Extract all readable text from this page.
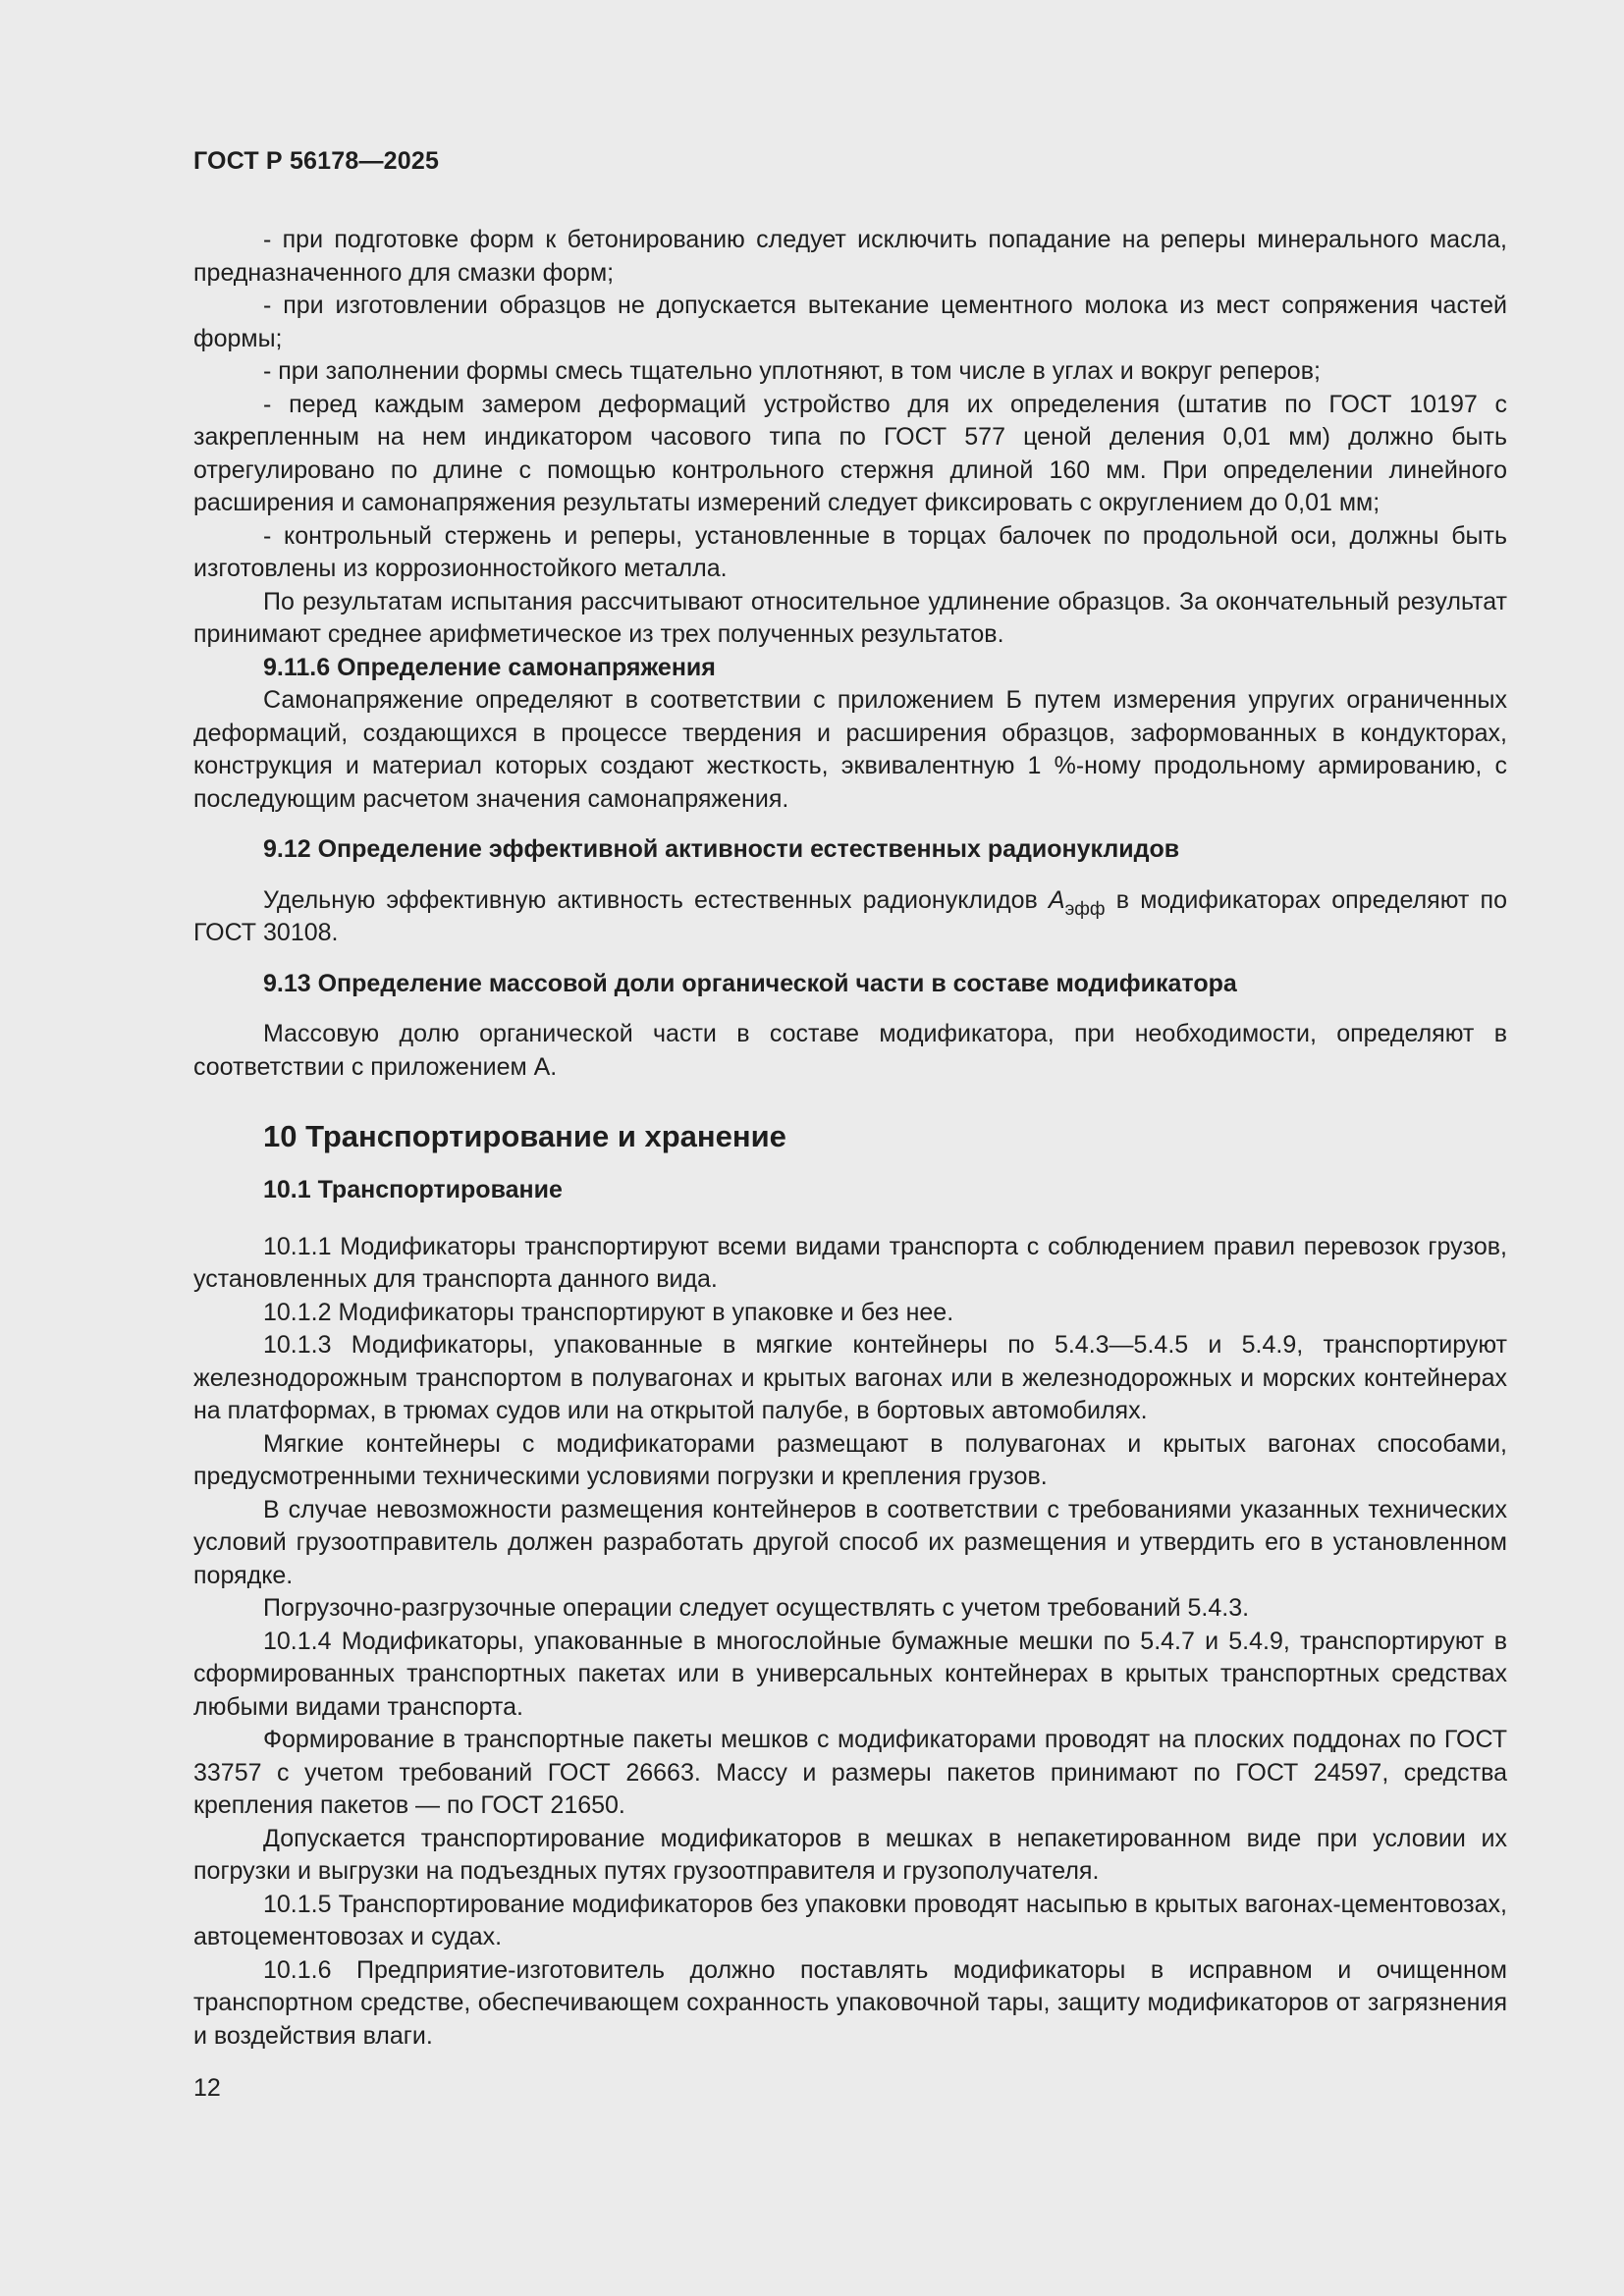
ГОСТ Р 56178—2025

- при подготовке форм к бетонированию следует исключить попадание на реперы минерального масла, предназначенного для смазки форм;

- при изготовлении образцов не допускается вытекание цементного молока из мест сопряжения частей формы;

- при заполнении формы смесь тщательно уплотняют, в том числе в углах и вокруг реперов;

- перед каждым замером деформаций устройство для их определения (штатив по ГОСТ 10197 с закрепленным на нем индикатором часового типа по ГОСТ 577 ценой деления 0,01 мм) должно быть отрегулировано по длине с помощью контрольного стержня длиной 160 мм. При определении линейного расширения и самонапряжения результаты измерений следует фиксировать с округлением до 0,01 мм;

- контрольный стержень и реперы, установленные в торцах балочек по продольной оси, должны быть изготовлены из коррозионностойкого металла.

По результатам испытания рассчитывают относительное удлинение образцов. За окончательный результат принимают среднее арифметическое из трех полученных результатов.

9.11.6 Определение самонапряжения

Самонапряжение определяют в соответствии с приложением Б путем измерения упругих ограниченных деформаций, создающихся в процессе твердения и расширения образцов, заформованных в кондукторах, конструкция и материал которых создают жесткость, эквивалентную 1 %-ному продольному армированию, с последующим расчетом значения самонапряжения.

9.12 Определение эффективной активности естественных радионуклидов

Удельную эффективную активность естественных радионуклидов $A_{эфф}$ в модификаторах определяют по ГОСТ 30108.

9.13 Определение массовой доли органической части в составе модификатора

Массовую долю органической части в составе модификатора, при необходимости, определяют в соответствии с приложением А.

10 Транспортирование и хранение
10.1 Транспортирование

10.1.1 Модификаторы транспортируют всеми видами транспорта с соблюдением правил перевозок грузов, установленных для транспорта данного вида.

10.1.2 Модификаторы транспортируют в упаковке и без нее.

10.1.3 Модификаторы, упакованные в мягкие контейнеры по 5.4.3—5.4.5 и 5.4.9, транспортируют железнодорожным транспортом в полувагонах и крытых вагонах или в железнодорожных и морских контейнерах на платформах, в трюмах судов или на открытой палубе, в бортовых автомобилях.

Мягкие контейнеры с модификаторами размещают в полувагонах и крытых вагонах способами, предусмотренными техническими условиями погрузки и крепления грузов.

В случае невозможности размещения контейнеров в соответствии с требованиями указанных технических условий грузоотправитель должен разработать другой способ их размещения и утвердить его в установленном порядке.

Погрузочно-разгрузочные операции следует осуществлять с учетом требований 5.4.3.

10.1.4 Модификаторы, упакованные в многослойные бумажные мешки по 5.4.7 и 5.4.9, транспортируют в сформированных транспортных пакетах или в универсальных контейнерах в крытых транспортных средствах любыми видами транспорта.

Формирование в транспортные пакеты мешков с модификаторами проводят на плоских поддонах по ГОСТ 33757 с учетом требований ГОСТ 26663. Массу и размеры пакетов принимают по ГОСТ 24597, средства крепления пакетов — по ГОСТ 21650.

Допускается транспортирование модификаторов в мешках в непакетированном виде при условии их погрузки и выгрузки на подъездных путях грузоотправителя и грузополучателя.

10.1.5 Транспортирование модификаторов без упаковки проводят насыпью в крытых вагонах-цементовозах, автоцементовозах и судах.

10.1.6 Предприятие-изготовитель должно поставлять модификаторы в исправном и очищенном транспортном средстве, обеспечивающем сохранность упаковочной тары, защиту модификаторов от загрязнения и воздействия влаги.

12
